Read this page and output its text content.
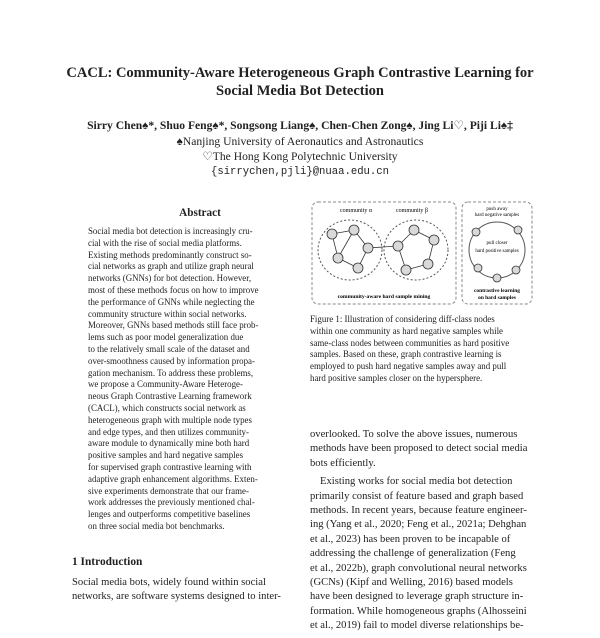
CACL: Community-Aware Heterogeneous Graph Contrastive Learning for
Social Media Bot Detection
Sirry Chen♠*, Shuo Feng♠*, Songsong Liang♠, Chen-Chen Zong♠, Jing Li♡, Piji Li♠‡
♠Nanjing University of Aeronautics and Astronautics
♡The Hong Kong Polytechnic University
{sirrychen,pjli}@nuaa.edu.cn
Abstract

Social media bot detection is increasingly cru-
cial with the rise of social media platforms.
Existing methods predominantly construct so-
cial networks as graph and utilize graph neural
networks (GNNs) for bot detection. However,
most of these methods focus on how to improve
the performance of GNNs while neglecting the
community structure within social networks.
Moreover, GNNs based methods still face prob-
lems such as poor model generalization due
to the relatively small scale of the dataset and
over-smoothness caused by information propa-
gation mechanism. To address these problems,
we propose a Community-Aware Heteroge-
neous Graph Contrastive Learning framework
(CACL), which constructs social network as
heterogeneous graph with multiple node types
and edge types, and then utilizes community-
aware module to dynamically mine both hard
positive samples and hard negative samples
for supervised graph contrastive learning with
adaptive graph enhancement algorithms. Exten-
sive experiments demonstrate that our frame-
work addresses the previously mentioned chal-
lenges and outperforms competitive baselines
on three social media bot benchmarks.

1 Introduction
Social media bots, widely found within social
networks, are software systems designed to inter-
community α	community β
community-aware hard sample mining
push away
hard negative samples
pull closer
hard positive samples
contrastive learning
on hard samples
Figure 1: Illustration of considering diff-class nodes
within one community as hard negative samples while
same-class nodes between communities as hard positive
samples. Based on these, graph contrastive learning is
employed to push hard negative samples away and pull
hard positive samples closer on the hypersphere.

overlooked. To solve the above issues, numerous
methods have been proposed to detect social media
bots efficiently.

Existing works for social media bot detection
primarily consist of feature based and graph based
methods. In recent years, because feature engineer-
ing (Yang et al., 2020; Feng et al., 2021a; Dehghan
et al., 2023) has been proven to be incapable of
addressing the challenge of generalization (Feng
et al., 2022b), graph convolutional neural networks
(GCNs) (Kipf and Welling, 2016) based models
have been designed to leverage graph structure in-
formation. While homogeneous graphs (Alhosseini
et al., 2019) fail to model diverse relationships be-
